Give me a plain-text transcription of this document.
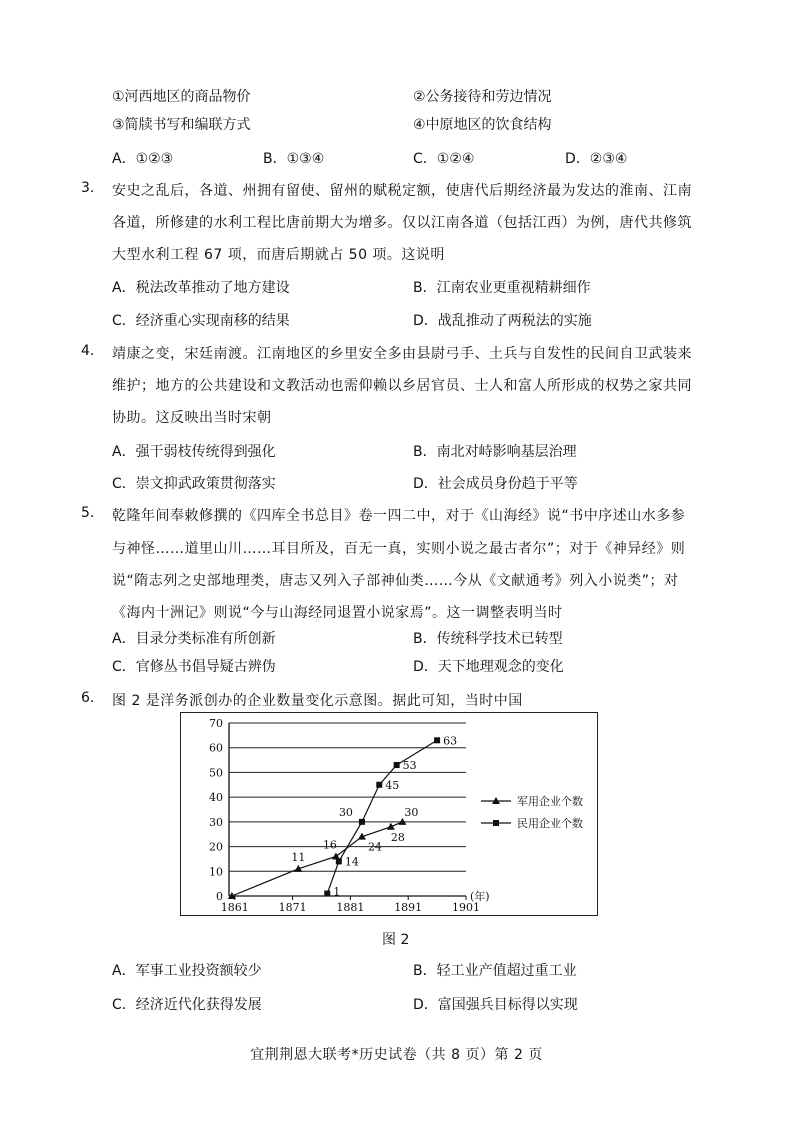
①河西地区的商品物价	②公务接待和劳边情况
③简牍书写和编联方式	④中原地区的饮食结构
A．①②③	B．①③④	C．①②④	D．②③④
3. 安史之乱后，各道、州拥有留使、留州的赋税定额，使唐代后期经济最为发达的淮南、江南
各道，所修建的水利工程比唐前期大为增多。仅以江南各道（包括江西）为例，唐代共修筑
大型水利工程 67 项，而唐后期就占 50 项。这说明
A．税法改革推动了地方建设	B．江南农业更重视精耕细作
C．经济重心实现南移的结果	D．战乱推动了两税法的实施
4. 靖康之变，宋廷南渡。江南地区的乡里安全多由县尉弓手、土兵与自发性的民间自卫武装来
维护；地方的公共建设和文教活动也需仰赖以乡居官员、士人和富人所形成的权势之家共同
协助。这反映出当时宋朝
A．强干弱枝传统得到强化	B．南北对峙影响基层治理
C．崇文抑武政策贯彻落实	D．社会成员身份趋于平等
5. 乾隆年间奉敕修撰的《四库全书总目》卷一四二中，对于《山海经》说“书中序述山水多参
与神怪……道里山川……耳目所及，百无一真，实则小说之最古者尔”；对于《神异经》则
说“隋志列之史部地理类，唐志又列入子部神仙类……今从《文献通考》列入小说类”；对
《海内十洲记》则说“今与山海经同退置小说家焉”。这一调整表明当时
A．目录分类标准有所创新	B．传统科学技术已转型
C．官修丛书倡导疑古辨伪	D．天下地理观念的变化
6. 图 2 是洋务派创办的企业数量变化示意图。据此可知，当时中国
0
10
20
30
40
50
60
70
1861	1871	1881	1891	1901
(年)
11
16	24
28
30
1
14
30
45
53
63
军用企业个数
民用企业个数
图 2
A．军事工业投资额较少	B．轻工业产值超过重工业
C．经济近代化获得发展	D．富国强兵目标得以实现
宜荆荆恩大联考*历史试卷（共 8 页）第 2 页
